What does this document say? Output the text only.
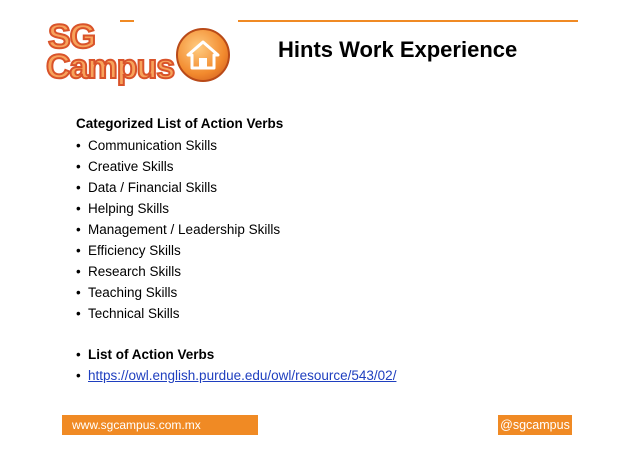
SG
Campus	Hints Work Experience
Categorized List of Action Verbs
• Communication Skills
• Creative Skills
• Data / Financial Skills
• Helping Skills
• Management / Leadership Skills
• Efficiency Skills
• Research Skills
• Teaching Skills
• Technical Skills
• List of Action Verbs
• https://owl.english.purdue.edu/owl/resource/543/02/
www.sgcampus.com.mx	@sgcampus
